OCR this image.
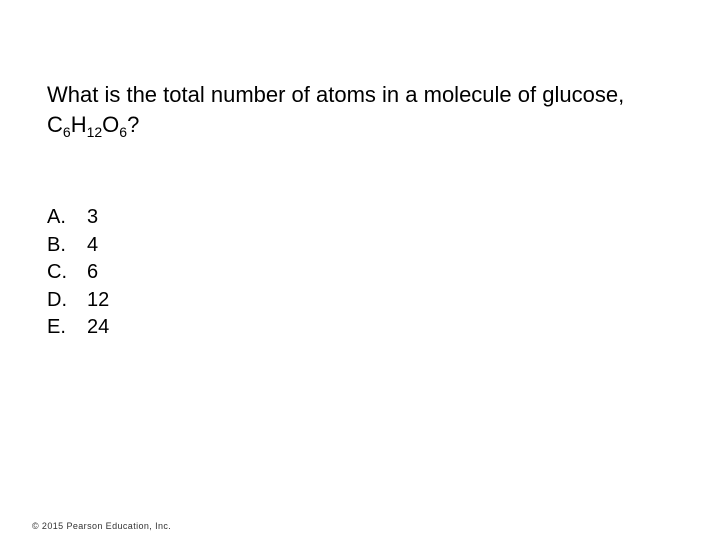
What is the total number of atoms in a molecule of glucose,
$C_6H_{12}O_6$?

A.	3
B.	4
C.	6
D.	12
E.	24
© 2015 Pearson Education, Inc.
